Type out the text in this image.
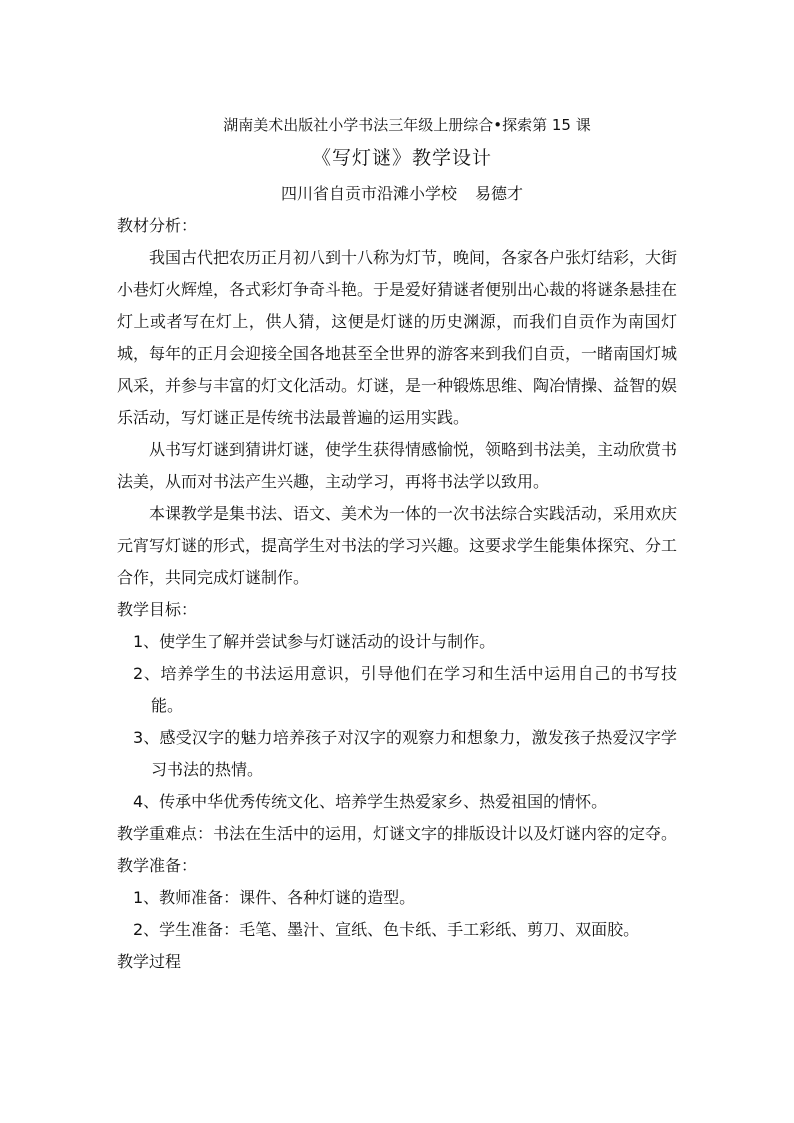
湖南美术出版社小学书法三年级上册综合•探索第 15 课
《写灯谜》教学设计
四川省自贡市沿滩小学校 易德才

教材分析：

我国古代把农历正月初八到十八称为灯节，晚间，各家各户张灯结彩，大街小巷灯火辉煌，各式彩灯争奇斗艳。于是爱好猜谜者便别出心裁的将谜条悬挂在灯上或者写在灯上，供人猜，这便是灯谜的历史渊源，而我们自贡作为南国灯城，每年的正月会迎接全国各地甚至全世界的游客来到我们自贡，一睹南国灯城风采，并参与丰富的灯文化活动。灯谜，是一种锻炼思维、陶冶情操、益智的娱乐活动，写灯谜正是传统书法最普遍的运用实践。

从书写灯谜到猜讲灯谜，使学生获得情感愉悦，领略到书法美，主动欣赏书法美，从而对书法产生兴趣，主动学习，再将书法学以致用。

本课教学是集书法、语文、美术为一体的一次书法综合实践活动，采用欢庆元宵写灯谜的形式，提高学生对书法的学习兴趣。这要求学生能集体探究、分工合作，共同完成灯谜制作。

教学目标：

1、使学生了解并尝试参与灯谜活动的设计与制作。

2、培养学生的书法运用意识，引导他们在学习和生活中运用自己的书写技能。

3、感受汉字的魅力培养孩子对汉字的观察力和想象力，激发孩子热爱汉字学习书法的热情。

4、传承中华优秀传统文化、培养学生热爱家乡、热爱祖国的情怀。

教学重难点：书法在生活中的运用，灯谜文字的排版设计以及灯谜内容的定夺。

教学准备：

1、教师准备：课件、各种灯谜的造型。

2、学生准备：毛笔、墨汁、宣纸、色卡纸、手工彩纸、剪刀、双面胶。

教学过程
